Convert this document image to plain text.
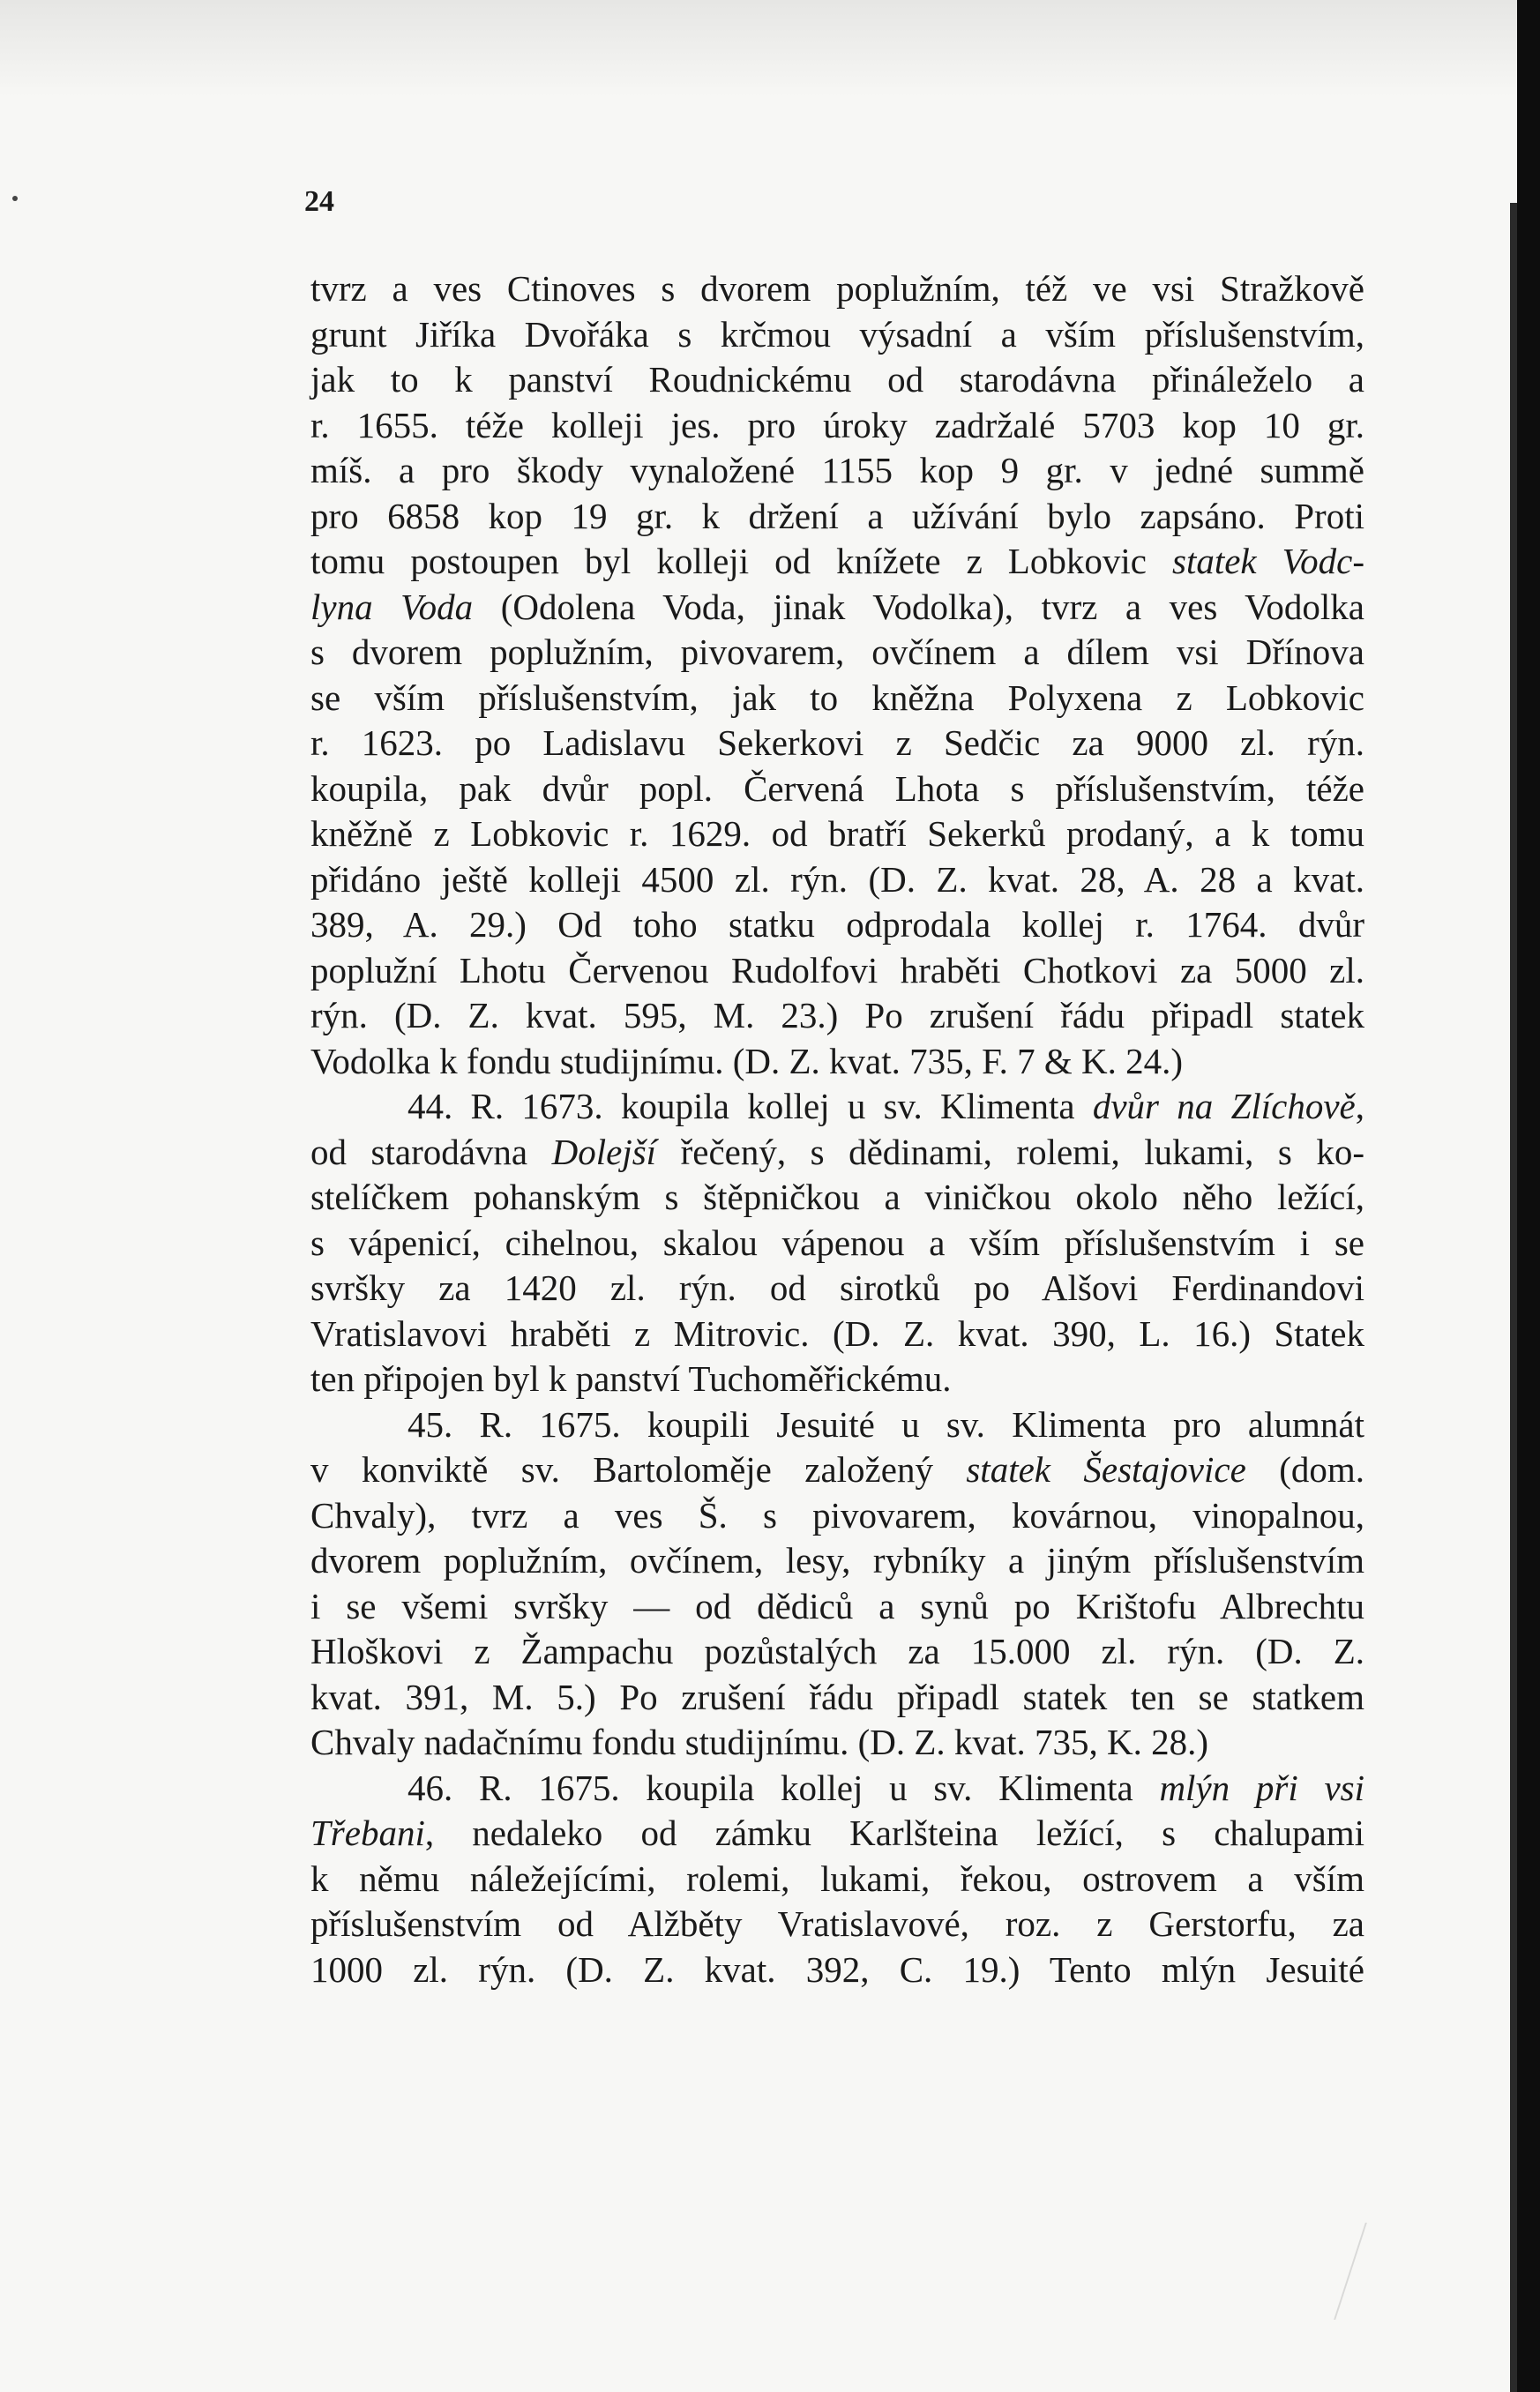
24
tvrz a ves Ctinoves s dvorem poplužním, též ve vsi Stražkově
grunt Jiříka Dvořáka s krčmou výsadní a vším příslušenstvím,
jak to k panství Roudnickému od starodávna přináleželo a
r. 1655. téže kolleji jes. pro úroky zadržalé 5703 kop 10 gr.
míš. a pro škody vynaložené 1155 kop 9 gr. v jedné summě
pro 6858 kop 19 gr. k držení a užívání bylo zapsáno. Proti
tomu postoupen byl kolleji od knížete z Lobkovic statek Vodc-
lyna Voda (Odolena Voda, jinak Vodolka), tvrz a ves Vodolka
s dvorem poplužním, pivovarem, ovčínem a dílem vsi Dřínova
se vším příslušenstvím, jak to kněžna Polyxena z Lobkovic
r. 1623. po Ladislavu Sekerkovi z Sedčic za 9000 zl. rýn.
koupila, pak dvůr popl. Červená Lhota s příslušenstvím, téže
kněžně z Lobkovic r. 1629. od bratří Sekerků prodaný, a k tomu
přidáno ještě kolleji 4500 zl. rýn. (D. Z. kvat. 28, A. 28 a kvat.
389, A. 29.) Od toho statku odprodala kollej r. 1764. dvůr
poplužní Lhotu Červenou Rudolfovi hraběti Chotkovi za 5000 zl.
rýn. (D. Z. kvat. 595, M. 23.) Po zrušení řádu připadl statek
Vodolka k fondu studijnímu. (D. Z. kvat. 735, F. 7 & K. 24.)
44. R. 1673. koupila kollej u sv. Klimenta dvůr na Zlíchově,
od starodávna Dolejší řečený, s dědinami, rolemi, lukami, s ko-
stelíčkem pohanským s štěpničkou a viničkou okolo něho ležící,
s vápenicí, cihelnou, skalou vápenou a vším příslušenstvím i se
svršky za 1420 zl. rýn. od sirotků po Alšovi Ferdinandovi
Vratislavovi hraběti z Mitrovic. (D. Z. kvat. 390, L. 16.) Statek
ten připojen byl k panství Tuchoměřickému.
45. R. 1675. koupili Jesuité u sv. Klimenta pro alumnát
v konviktě sv. Bartoloměje založený statek Šestajovice (dom.
Chvaly), tvrz a ves Š. s pivovarem, kovárnou, vinopalnou,
dvorem poplužním, ovčínem, lesy, rybníky a jiným příslušenstvím
i se všemi svršky — od dědiců a synů po Krištofu Albrechtu
Hloškovi z Žampachu pozůstalých za 15.000 zl. rýn. (D. Z.
kvat. 391, M. 5.) Po zrušení řádu připadl statek ten se statkem
Chvaly nadačnímu fondu studijnímu. (D. Z. kvat. 735, K. 28.)
46. R. 1675. koupila kollej u sv. Klimenta mlýn při vsi
Třebani, nedaleko od zámku Karlšteina ležící, s chalupami
k němu náležejícími, rolemi, lukami, řekou, ostrovem a vším
příslušenstvím od Alžběty Vratislavové, roz. z Gerstorfu, za
1000 zl. rýn. (D. Z. kvat. 392, C. 19.) Tento mlýn Jesuité
